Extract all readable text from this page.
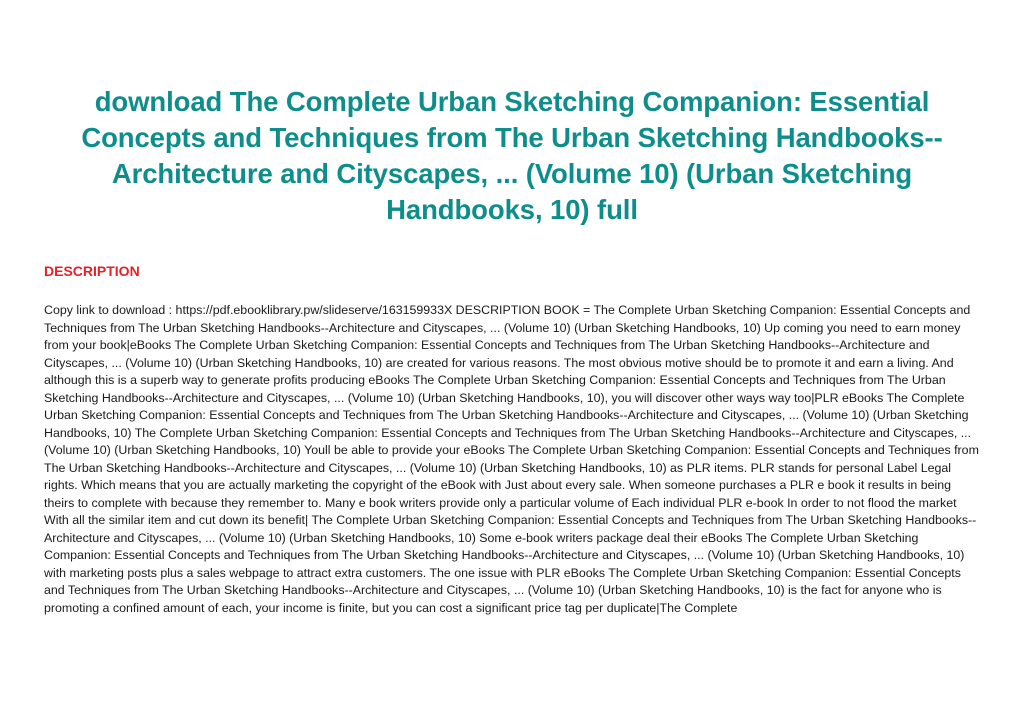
download The Complete Urban Sketching Companion: Essential Concepts and Techniques from The Urban Sketching Handbooks--Architecture and Cityscapes, ... (Volume 10) (Urban Sketching Handbooks, 10) full
DESCRIPTION

Copy link to download : https://pdf.ebooklibrary.pw/slideserve/163159933X DESCRIPTION BOOK = The Complete Urban Sketching Companion: Essential Concepts and Techniques from The Urban Sketching Handbooks--Architecture and Cityscapes, ... (Volume 10) (Urban Sketching Handbooks, 10) Up coming you need to earn money from your book|eBooks The Complete Urban Sketching Companion: Essential Concepts and Techniques from The Urban Sketching Handbooks--Architecture and Cityscapes, ... (Volume 10) (Urban Sketching Handbooks, 10) are created for various reasons. The most obvious motive should be to promote it and earn a living. And although this is a superb way to generate profits producing eBooks The Complete Urban Sketching Companion: Essential Concepts and Techniques from The Urban Sketching Handbooks--Architecture and Cityscapes, ... (Volume 10) (Urban Sketching Handbooks, 10), you will discover other ways way too|PLR eBooks The Complete Urban Sketching Companion: Essential Concepts and Techniques from The Urban Sketching Handbooks--Architecture and Cityscapes, ... (Volume 10) (Urban Sketching Handbooks, 10) The Complete Urban Sketching Companion: Essential Concepts and Techniques from The Urban Sketching Handbooks--Architecture and Cityscapes, ... (Volume 10) (Urban Sketching Handbooks, 10) Youll be able to provide your eBooks The Complete Urban Sketching Companion: Essential Concepts and Techniques from The Urban Sketching Handbooks--Architecture and Cityscapes, ... (Volume 10) (Urban Sketching Handbooks, 10) as PLR items. PLR stands for personal Label Legal rights. Which means that you are actually marketing the copyright of the eBook with Just about every sale. When someone purchases a PLR e book it results in being theirs to complete with because they remember to. Many e book writers provide only a particular volume of Each individual PLR e-book In order to not flood the market With all the similar item and cut down its benefit| The Complete Urban Sketching Companion: Essential Concepts and Techniques from The Urban Sketching Handbooks--Architecture and Cityscapes, ... (Volume 10) (Urban Sketching Handbooks, 10) Some e-book writers package deal their eBooks The Complete Urban Sketching Companion: Essential Concepts and Techniques from The Urban Sketching Handbooks--Architecture and Cityscapes, ... (Volume 10) (Urban Sketching Handbooks, 10) with marketing posts plus a sales webpage to attract extra customers. The one issue with PLR eBooks The Complete Urban Sketching Companion: Essential Concepts and Techniques from The Urban Sketching Handbooks--Architecture and Cityscapes, ... (Volume 10) (Urban Sketching Handbooks, 10) is the fact for anyone who is promoting a confined amount of each, your income is finite, but you can cost a significant price tag per duplicate|The Complete
